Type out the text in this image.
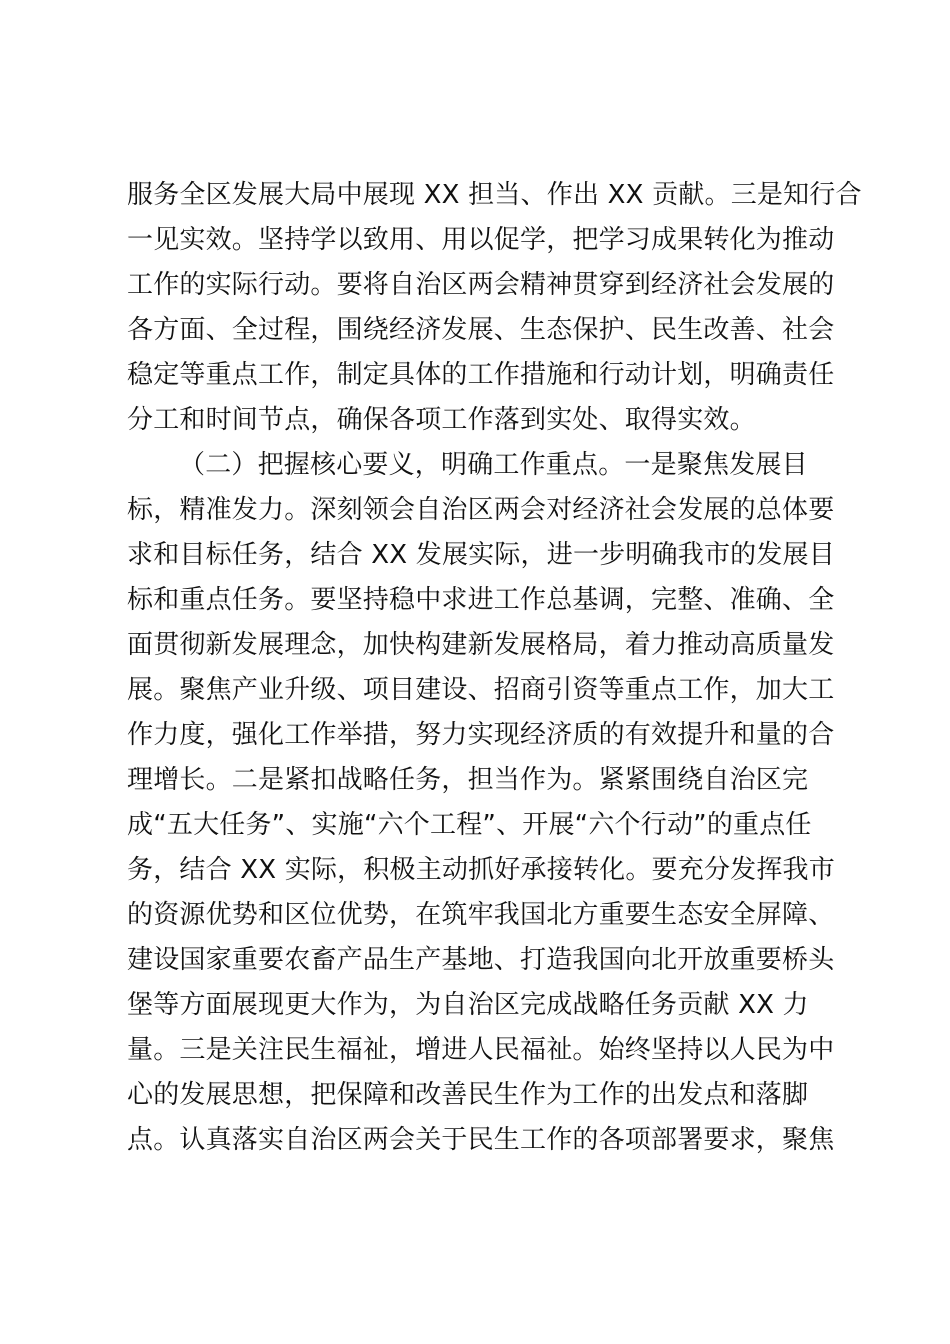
服务全区发展大局中展现 XX 担当、作出 XX 贡献。三是知行合
一见实效。坚持学以致用、用以促学，把学习成果转化为推动
工作的实际行动。要将自治区两会精神贯穿到经济社会发展的
各方面、全过程，围绕经济发展、生态保护、民生改善、社会
稳定等重点工作，制定具体的工作措施和行动计划，明确责任
分工和时间节点，确保各项工作落到实处、取得实效。
（二）把握核心要义，明确工作重点。一是聚焦发展目
标，精准发力。深刻领会自治区两会对经济社会发展的总体要
求和目标任务，结合 XX 发展实际，进一步明确我市的发展目
标和重点任务。要坚持稳中求进工作总基调，完整、准确、全
面贯彻新发展理念，加快构建新发展格局，着力推动高质量发
展。聚焦产业升级、项目建设、招商引资等重点工作，加大工
作力度，强化工作举措，努力实现经济质的有效提升和量的合
理增长。二是紧扣战略任务，担当作为。紧紧围绕自治区完
成“五大任务”、实施“六个工程”、开展“六个行动”的重点任
务，结合 XX 实际，积极主动抓好承接转化。要充分发挥我市
的资源优势和区位优势，在筑牢我国北方重要生态安全屏障、
建设国家重要农畜产品生产基地、打造我国向北开放重要桥头
堡等方面展现更大作为，为自治区完成战略任务贡献 XX 力
量。三是关注民生福祉，增进人民福祉。始终坚持以人民为中
心的发展思想，把保障和改善民生作为工作的出发点和落脚
点。认真落实自治区两会关于民生工作的各项部署要求，聚焦
